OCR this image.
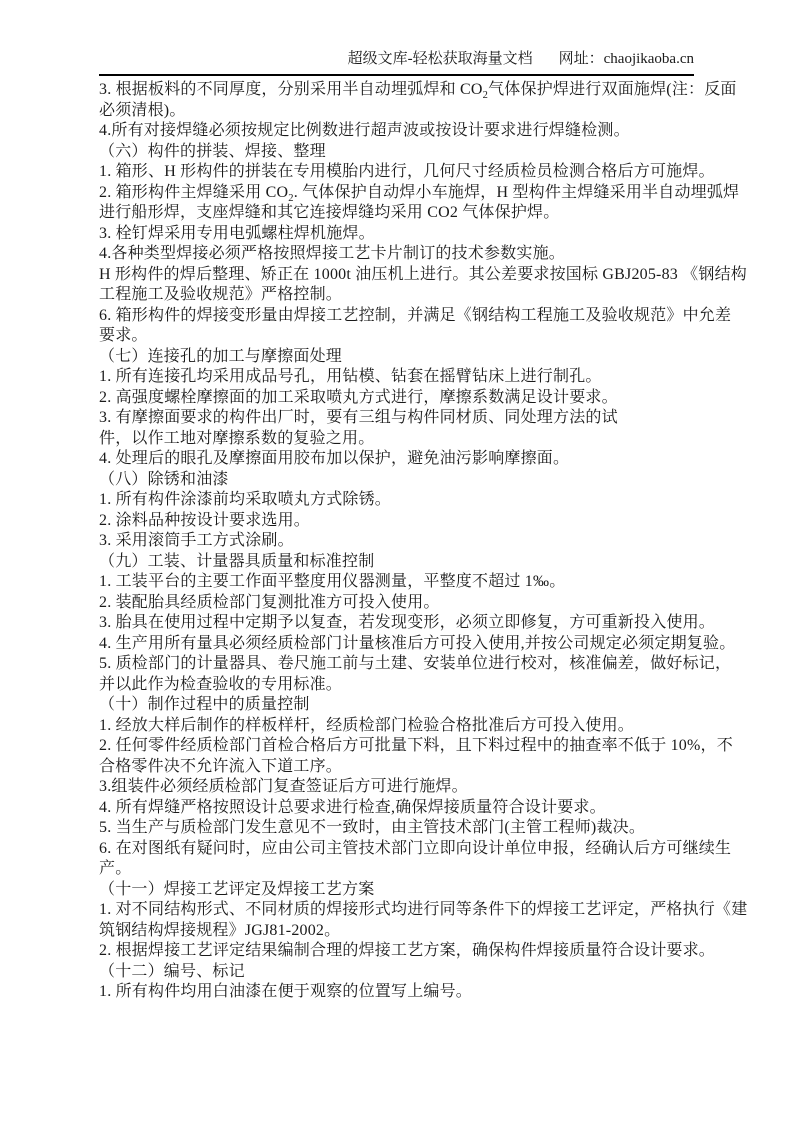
超级文库-轻松获取海量文档 网址：chaojikaoba.cn
3. 根据板料的不同厚度，分别采用半自动埋弧焊和 $CO_2$气体保护焊进行双面施焊(注：反面
必须清根)。
4.所有对接焊缝必须按规定比例数进行超声波或按设计要求进行焊缝检测。
（六）构件的拼装、焊接、整理
1. 箱形、H 形构件的拼装在专用模胎内进行，几何尺寸经质检员检测合格后方可施焊。
2. 箱形构件主焊缝采用 $CO_2$. 气体保护自动焊小车施焊，H 型构件主焊缝采用半自动埋弧焊
进行船形焊，支座焊缝和其它连接焊缝均采用 CO2 气体保护焊。
3. 栓钉焊采用专用电弧螺柱焊机施焊。
4.各种类型焊接必须严格按照焊接工艺卡片制订的技术参数实施。
H 形构件的焊后整理、矫正在 1000t 油压机上进行。其公差要求按国标 GBJ205-83 《钢结构
工程施工及验收规范》严格控制。
6. 箱形构件的焊接变形量由焊接工艺控制，并满足《钢结构工程施工及验收规范》中允差
要求。
（七）连接孔的加工与摩擦面处理
1. 所有连接孔均采用成品号孔，用钻模、钻套在摇臂钻床上进行制孔。
2. 高强度螺栓摩擦面的加工采取喷丸方式进行，摩擦系数满足设计要求。
3. 有摩擦面要求的构件出厂时，要有三组与构件同材质、同处理方法的试
件，以作工地对摩擦系数的复验之用。
4. 处理后的眼孔及摩擦面用胶布加以保护，避免油污影响摩擦面。
（八）除锈和油漆
1. 所有构件涂漆前均采取喷丸方式除锈。
2. 涂料品种按设计要求选用。
3. 采用滚筒手工方式涂刷。
（九）工装、计量器具质量和标准控制
1. 工装平台的主要工作面平整度用仪器测量，平整度不超过 1‰。
2. 装配胎具经质检部门复测批准方可投入使用。
3. 胎具在使用过程中定期予以复查，若发现变形，必须立即修复，方可重新投入使用。
4. 生产用所有量具必须经质检部门计量核准后方可投入使用,并按公司规定必须定期复验。
5. 质检部门的计量器具、卷尺施工前与土建、安装单位进行校对，核准偏差，做好标记，
并以此作为检查验收的专用标准。
（十）制作过程中的质量控制
1. 经放大样后制作的样板样杆，经质检部门检验合格批准后方可投入使用。
2. 任何零件经质检部门首检合格后方可批量下料，且下料过程中的抽查率不低于 10%，不
合格零件决不允许流入下道工序。
3.组装件必须经质检部门复查签证后方可进行施焊。
4. 所有焊缝严格按照设计总要求进行检查,确保焊接质量符合设计要求。
5. 当生产与质检部门发生意见不一致时，由主管技术部门(主管工程师)裁决。
6. 在对图纸有疑问时，应由公司主管技术部门立即向设计单位申报，经确认后方可继续生
产。
（十一）焊接工艺评定及焊接工艺方案
1. 对不同结构形式、不同材质的焊接形式均进行同等条件下的焊接工艺评定，严格执行《建
筑钢结构焊接规程》JGJ81-2002。
2. 根据焊接工艺评定结果编制合理的焊接工艺方案，确保构件焊接质量符合设计要求。
（十二）编号、标记
1. 所有构件均用白油漆在便于观察的位置写上编号。
